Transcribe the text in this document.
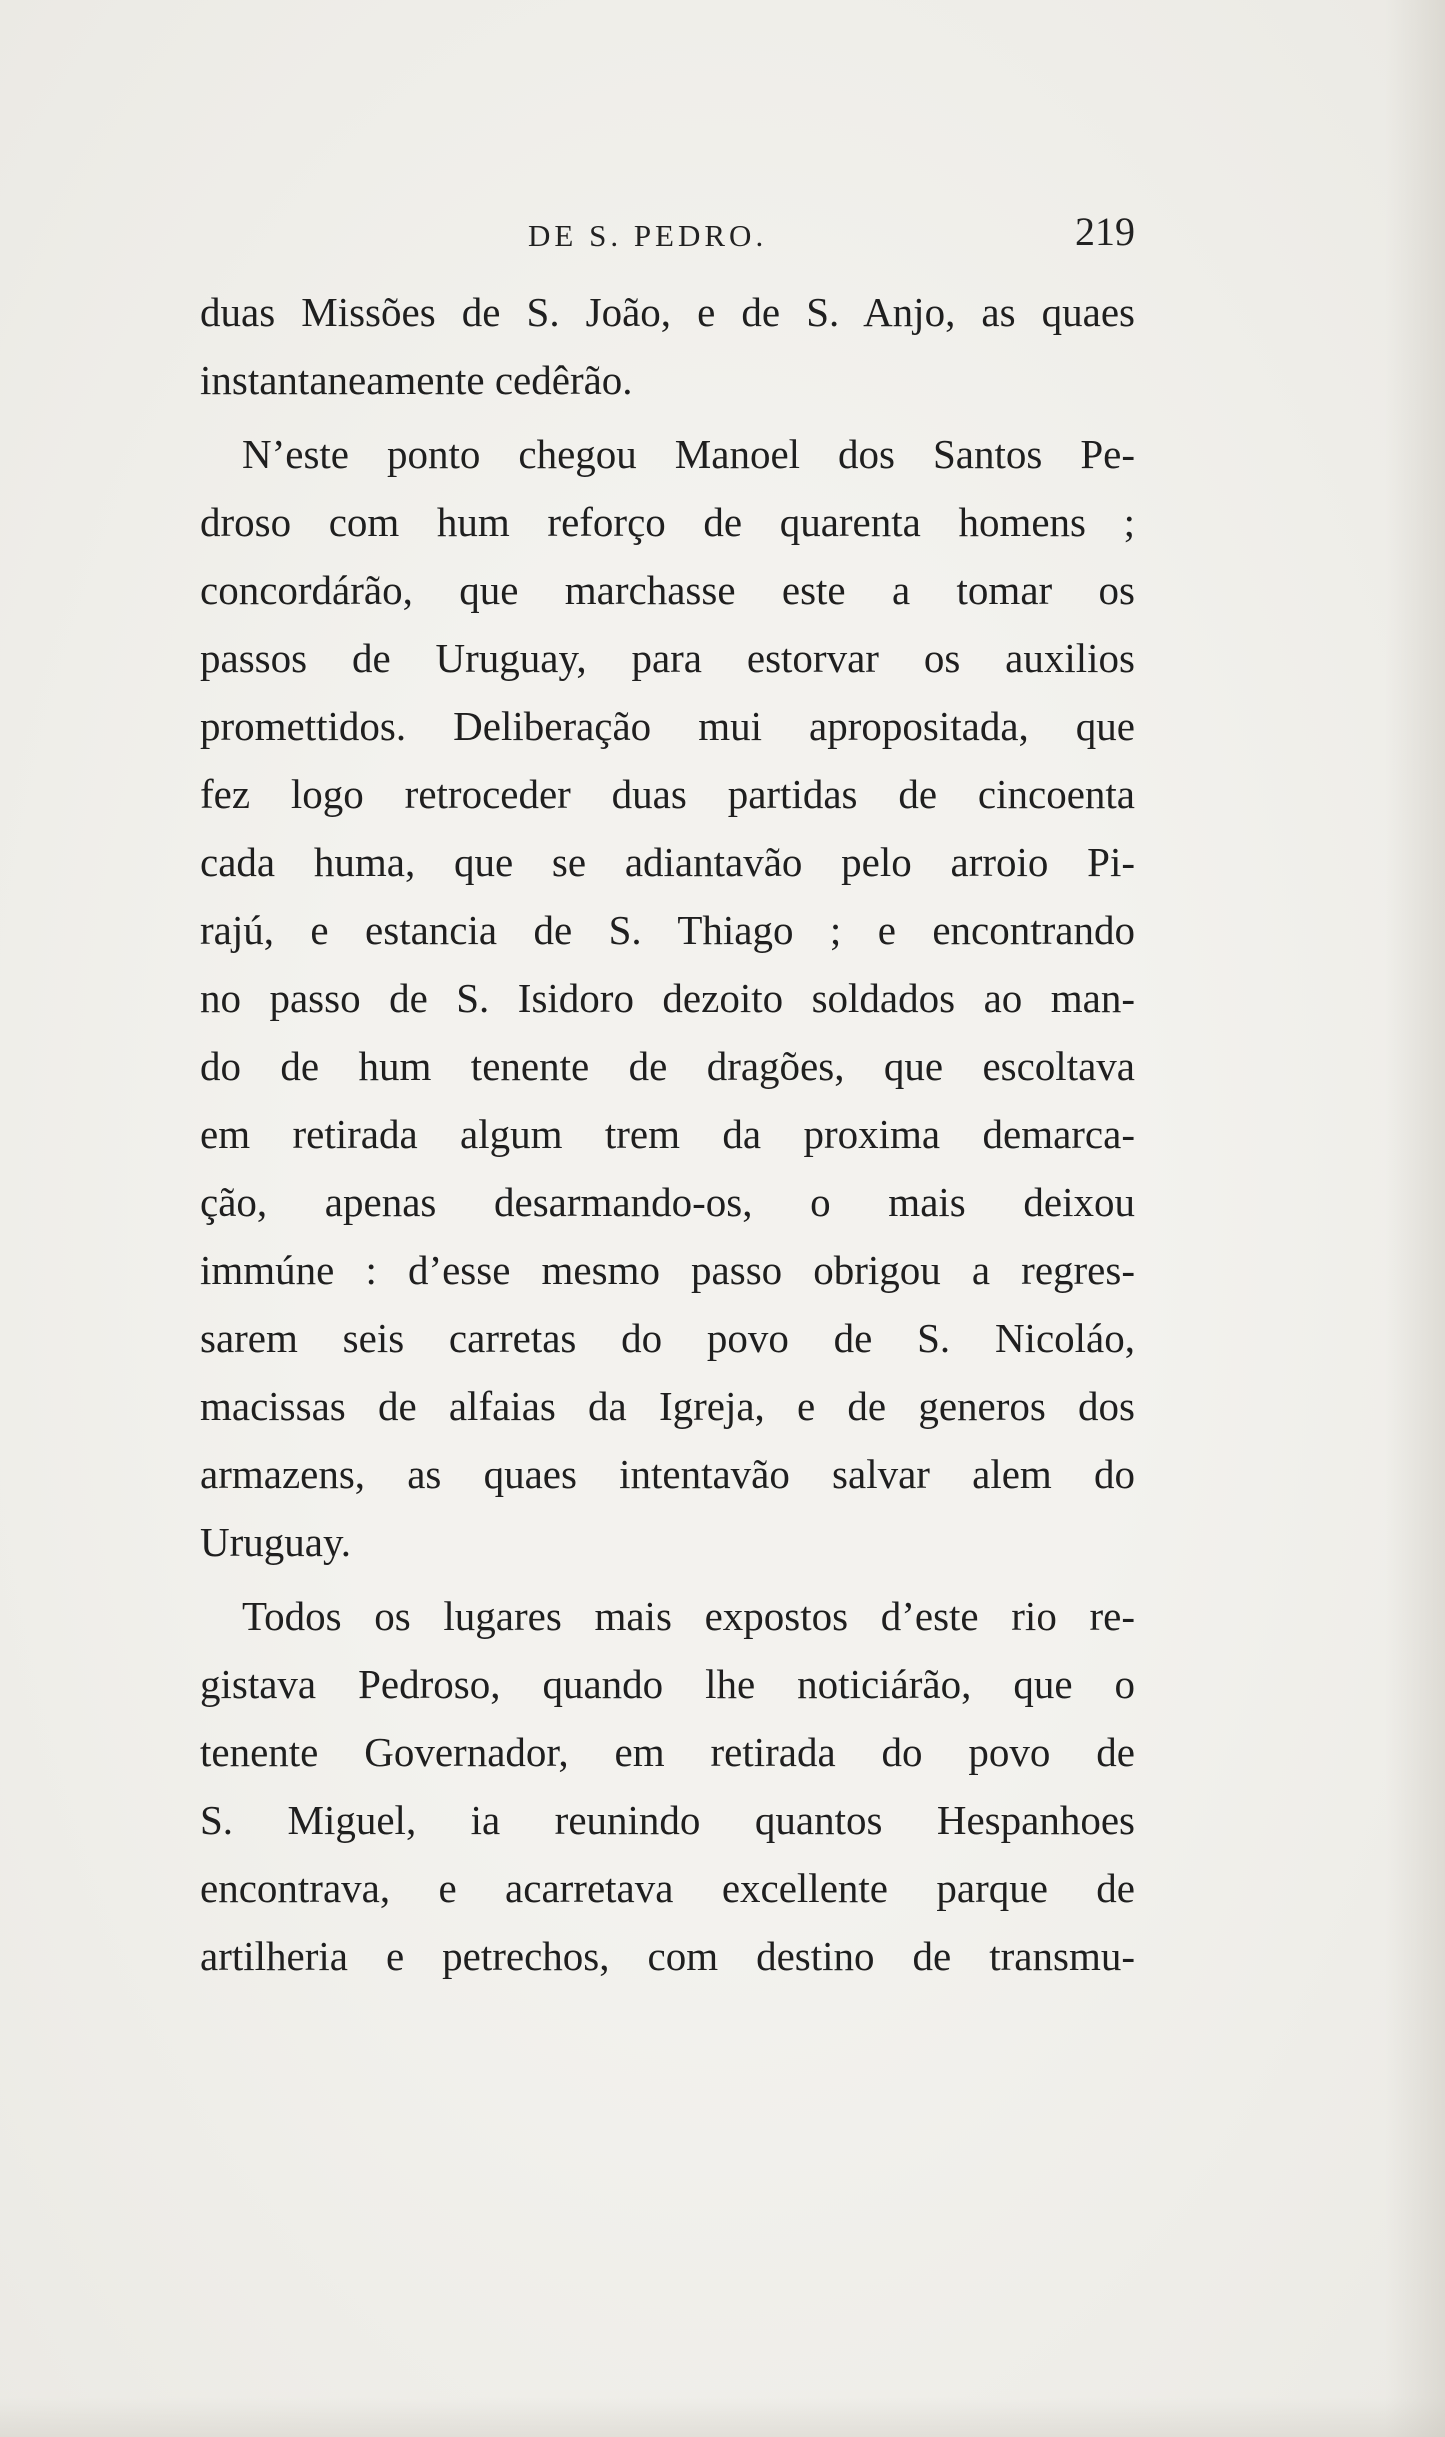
DE S. PEDRO.	219
duas Missões de S. João, e de S. Anjo, as quaes
instantaneamente cedêrão.
N’este ponto chegou Manoel dos Santos Pe-
droso com hum reforço de quarenta homens ;
concordárão, que marchasse este a tomar os
passos de Uruguay, para estorvar os auxilios
promettidos. Deliberação mui apropositada, que
fez logo retroceder duas partidas de cincoenta
cada huma, que se adiantavão pelo arroio Pi-
rajú, e estancia de S. Thiago ; e encontrando
no passo de S. Isidoro dezoito soldados ao man-
do de hum tenente de dragões, que escoltava
em retirada algum trem da proxima demarca-
ção, apenas desarmando-os, o mais deixou
immúne : d’esse mesmo passo obrigou a regres-
sarem seis carretas do povo de S. Nicoláo,
macissas de alfaias da Igreja, e de generos dos
armazens, as quaes intentavão salvar alem do
Uruguay.
Todos os lugares mais expostos d’este rio re-
gistava Pedroso, quando lhe noticiárão, que o
tenente Governador, em retirada do povo de
S. Miguel, ia reunindo quantos Hespanhoes
encontrava, e acarretava excellente parque de
artilheria e petrechos, com destino de transmu-
